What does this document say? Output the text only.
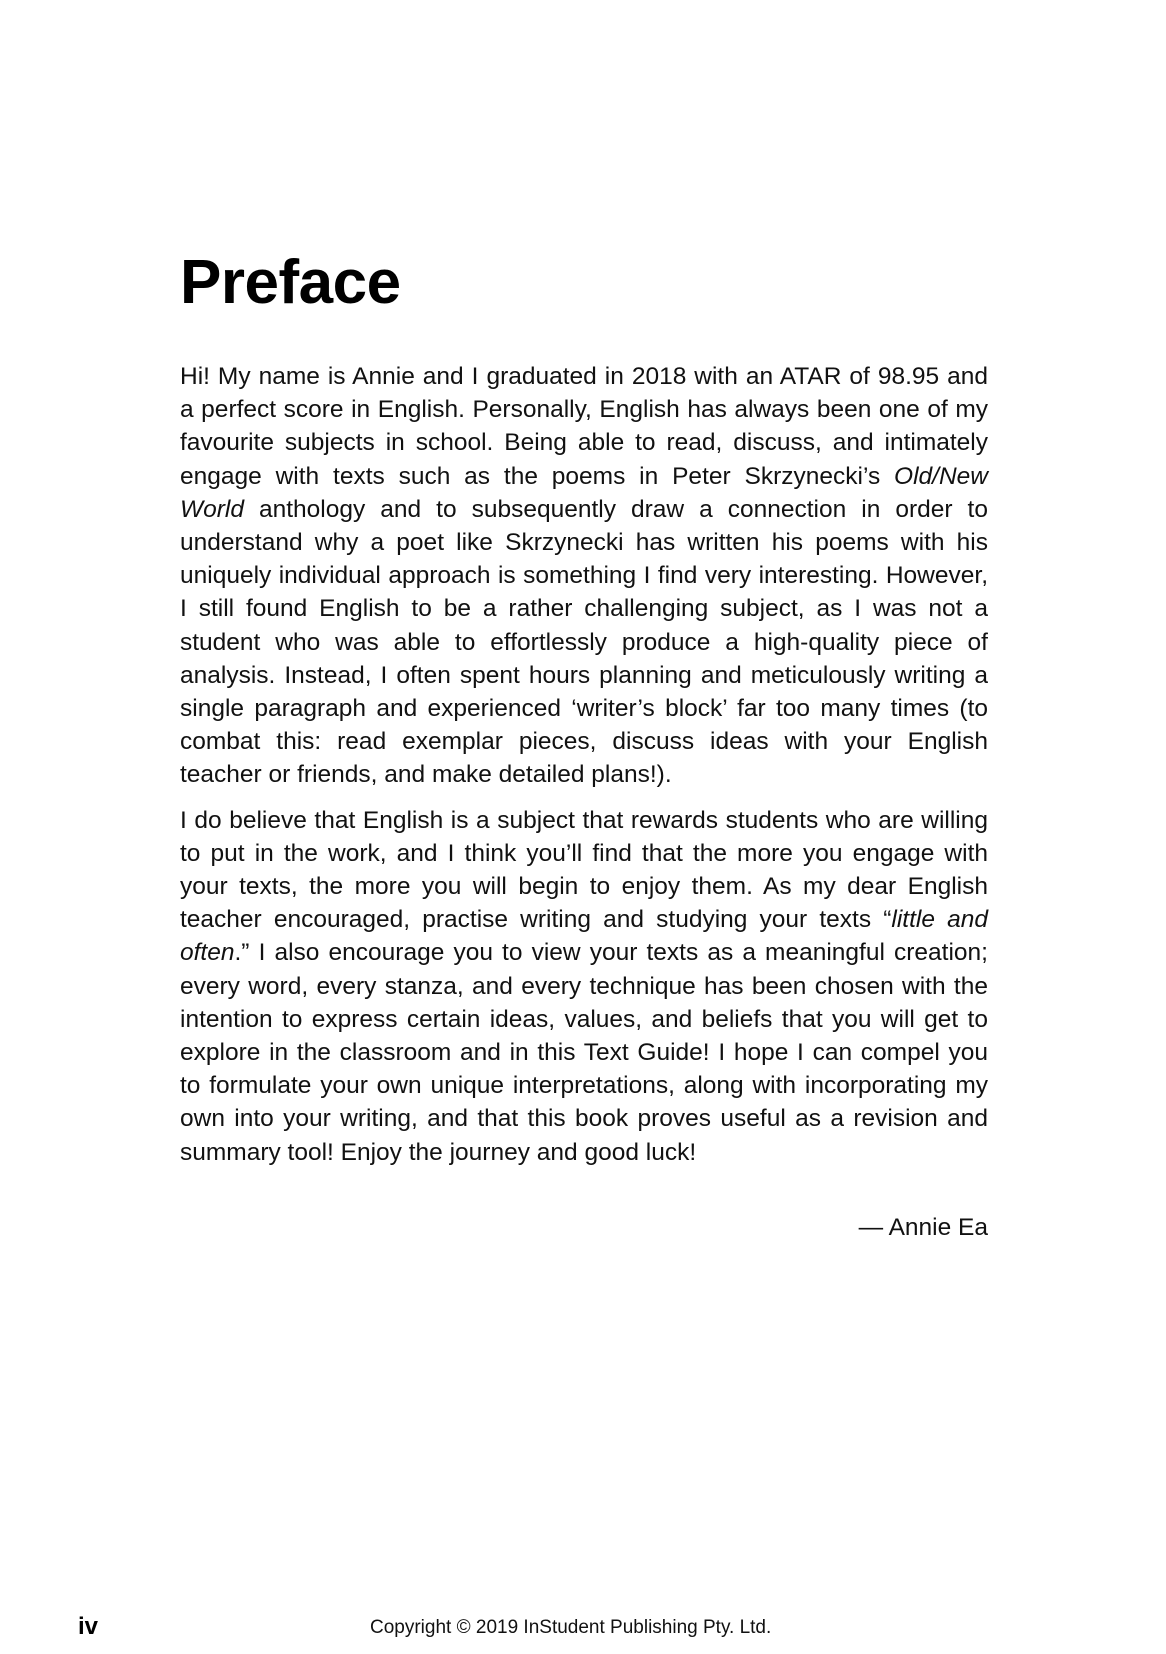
Preface

Hi! My name is Annie and I graduated in 2018 with an ATAR of 98.95 and a perfect score in English. Personally, English has always been one of my favourite subjects in school. Being able to read, discuss, and intimately engage with texts such as the poems in Peter Skrzynecki’s Old/New World anthology and to subsequently draw a connection in order to understand why a poet like Skrzynecki has written his poems with his uniquely individual approach is something I find very interesting. However, I still found English to be a rather challenging subject, as I was not a student who was able to effortlessly produce a high-quality piece of analysis. Instead, I often spent hours planning and meticulously writing a single paragraph and experienced ‘writer’s block’ far too many times (to combat this: read exemplar pieces, discuss ideas with your English teacher or friends, and make detailed plans!).

I do believe that English is a subject that rewards students who are willing to put in the work, and I think you’ll find that the more you engage with your texts, the more you will begin to enjoy them. As my dear English teacher encouraged, practise writing and studying your texts “little and often.” I also encourage you to view your texts as a meaningful creation; every word, every stanza, and every technique has been chosen with the intention to express certain ideas, values, and beliefs that you will get to explore in the classroom and in this Text Guide! I hope I can compel you to formulate your own unique interpretations, along with incorporating my own into your writing, and that this book proves useful as a revision and summary tool! Enjoy the journey and good luck!

— Annie Ea

iv	Copyright © 2019 InStudent Publishing Pty. Ltd.
